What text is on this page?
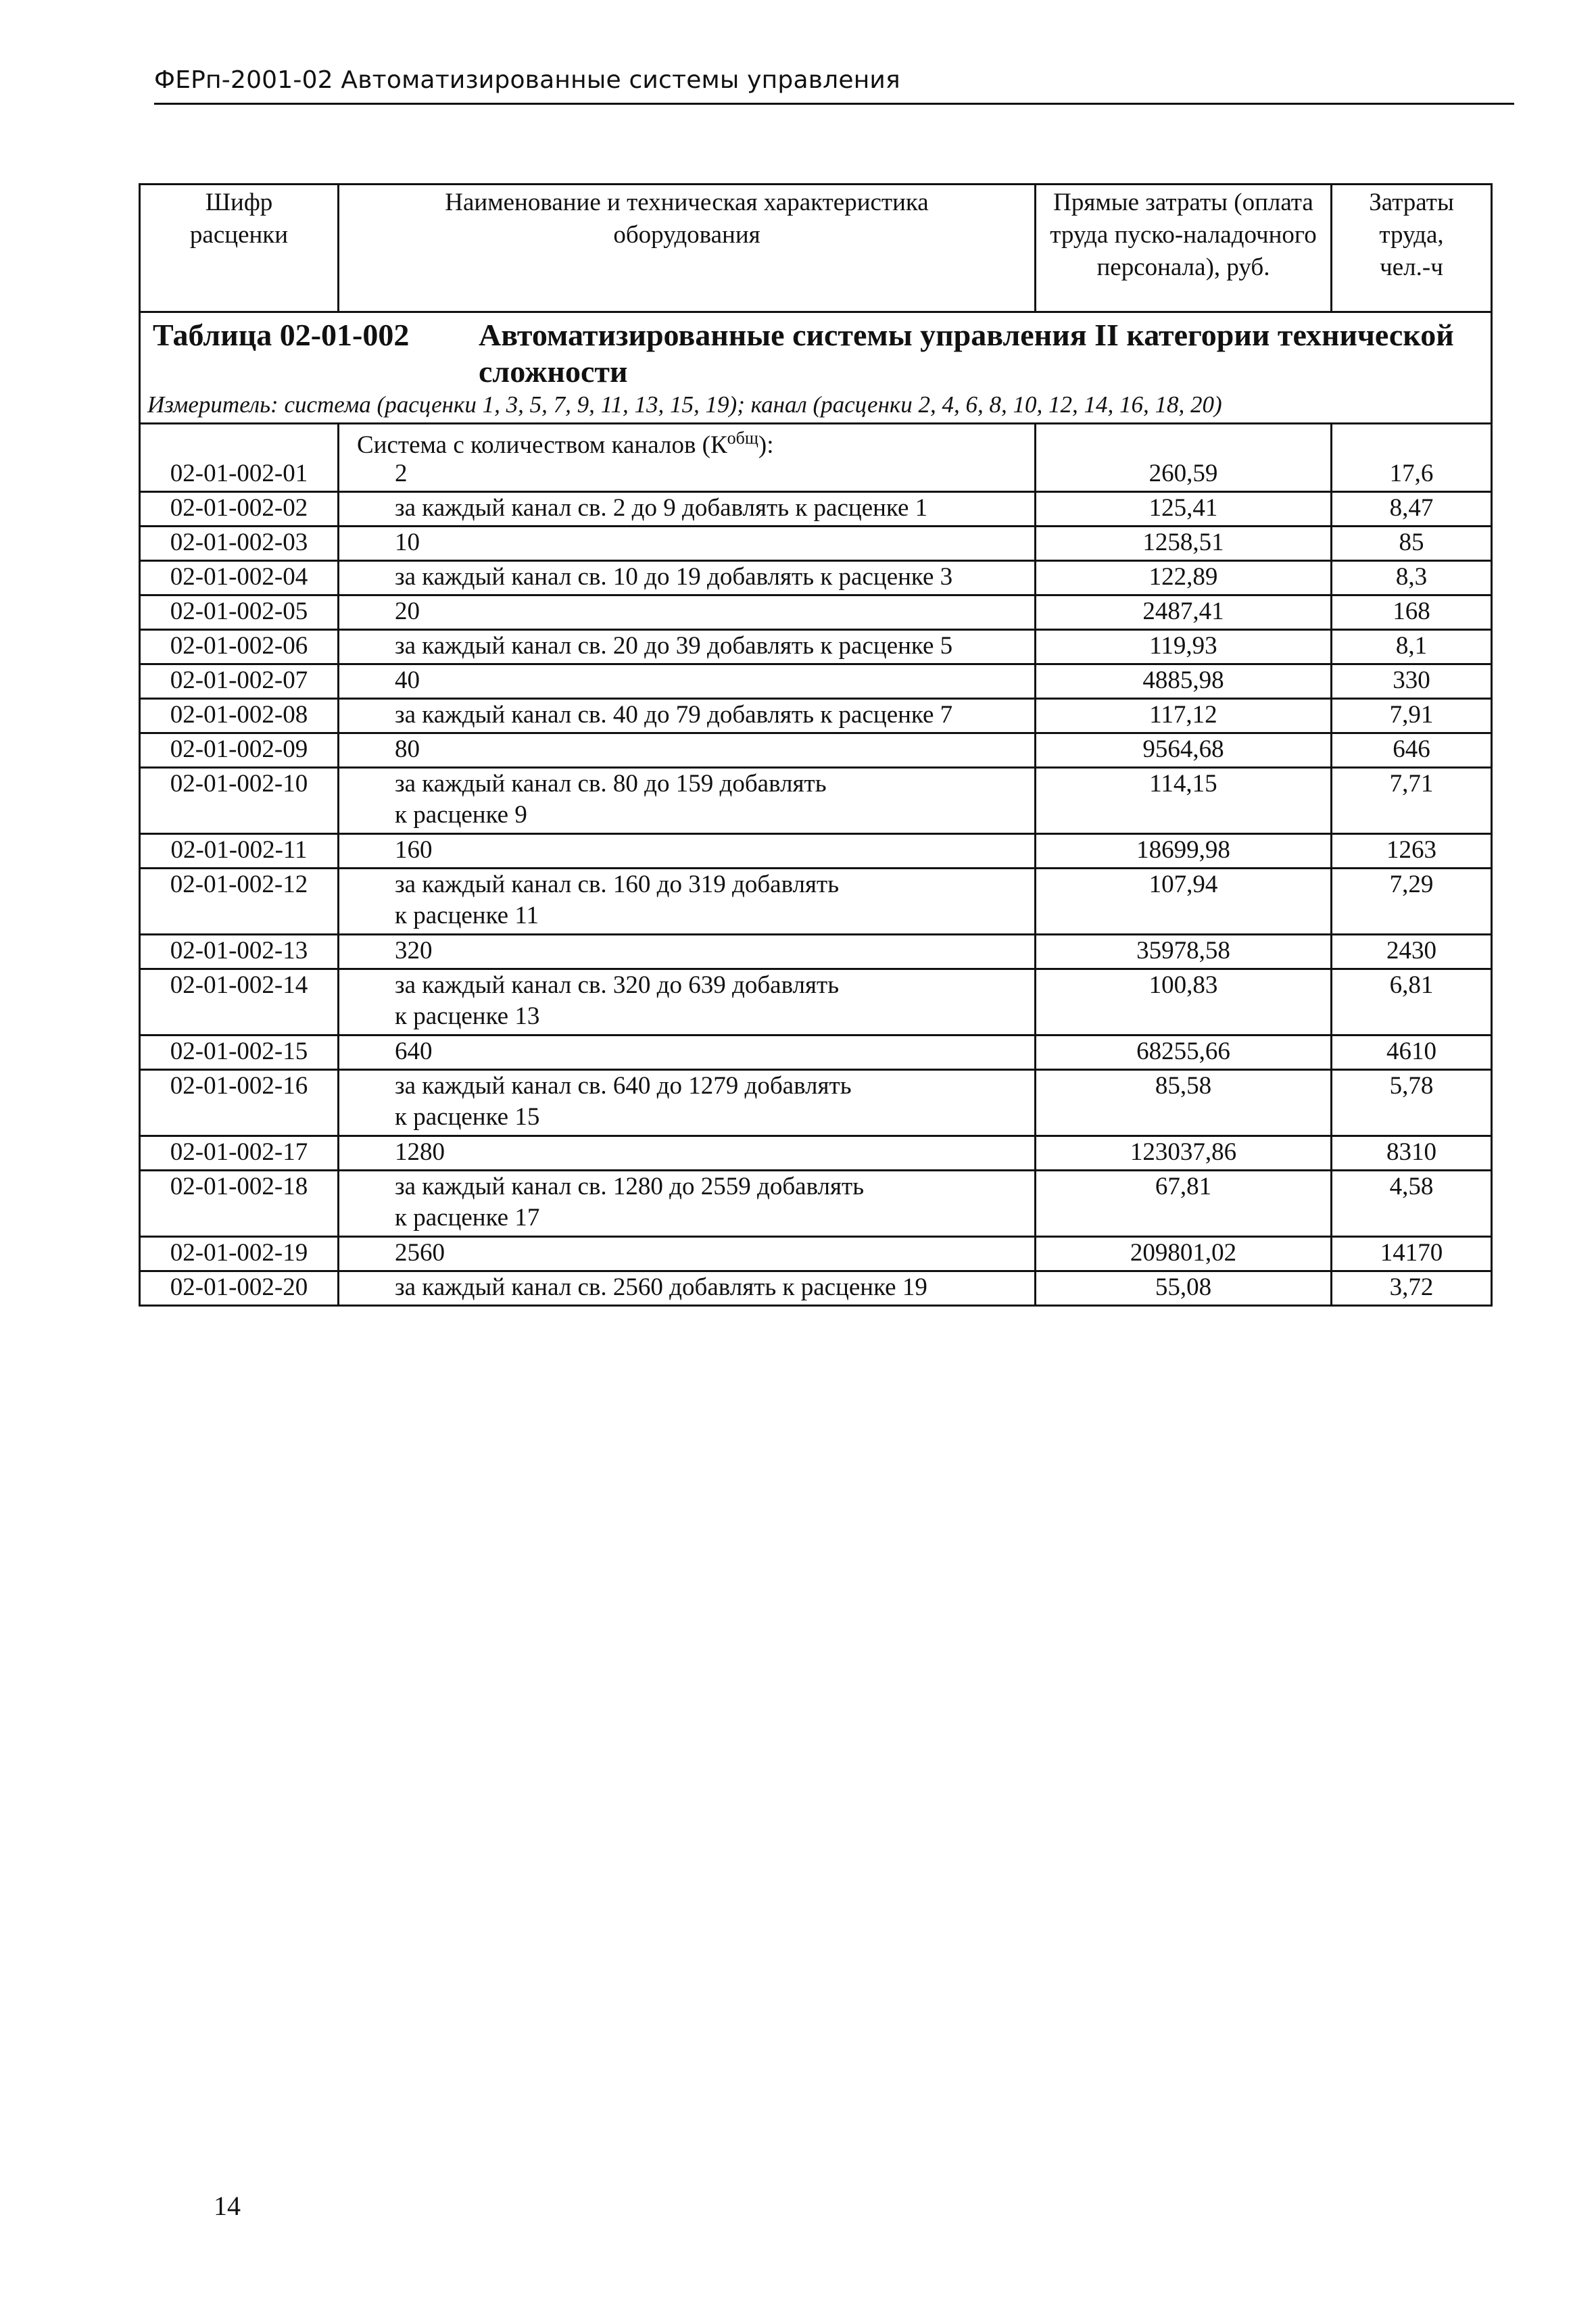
ФЕРп-2001-02 Автоматизированные системы управления
Шифр расценки	Наименование и техническая характеристика оборудования	Прямые затраты (оплата труда пуско-наладочного персонала), руб.	Затраты труда, чел.-ч

Таблица 02-01-002 Автоматизированные системы управления II категории технической сложности			

Измеритель: система (расценки 1, 3, 5, 7, 9, 11, 13, 15, 19); канал (расценки 2, 4, 6, 8, 10, 12, 14, 16, 18, 20)			

02-01-002-01	Система с количеством каналов $(К^{общ})$:
2	260,59	17,6

02-01-002-02	за каждый канал св. 2 до 9 добавлять к расценке 1	125,41	8,47
02-01-002-03	10	1258,51	85
02-01-002-04	за каждый канал св. 10 до 19 добавлять к расценке 3	122,89	8,3
02-01-002-05	20	2487,41	168
02-01-002-06	за каждый канал св. 20 до 39 добавлять к расценке 5	119,93	8,1
02-01-002-07	40	4885,98	330
02-01-002-08	за каждый канал св. 40 до 79 добавлять к расценке 7	117,12	7,91
02-01-002-09	80	9564,68	646
02-01-002-10	за каждый канал св. 80 до 159 добавлять
к расценке 9	114,15	7,71
02-01-002-11	160	18699,98	1263
02-01-002-12	за каждый канал св. 160 до 319 добавлять
к расценке 11	107,94	7,29
02-01-002-13	320	35978,58	2430
02-01-002-14	за каждый канал св. 320 до 639 добавлять
к расценке 13	100,83	6,81
02-01-002-15	640	68255,66	4610
02-01-002-16	за каждый канал св. 640 до 1279 добавлять
к расценке 15	85,58	5,78
02-01-002-17	1280	123037,86	8310
02-01-002-18	за каждый канал св. 1280 до 2559 добавлять
к расценке 17	67,81	4,58
02-01-002-19	2560	209801,02	14170
02-01-002-20	за каждый канал св. 2560 добавлять к расценке 19	55,08	3,72
14
